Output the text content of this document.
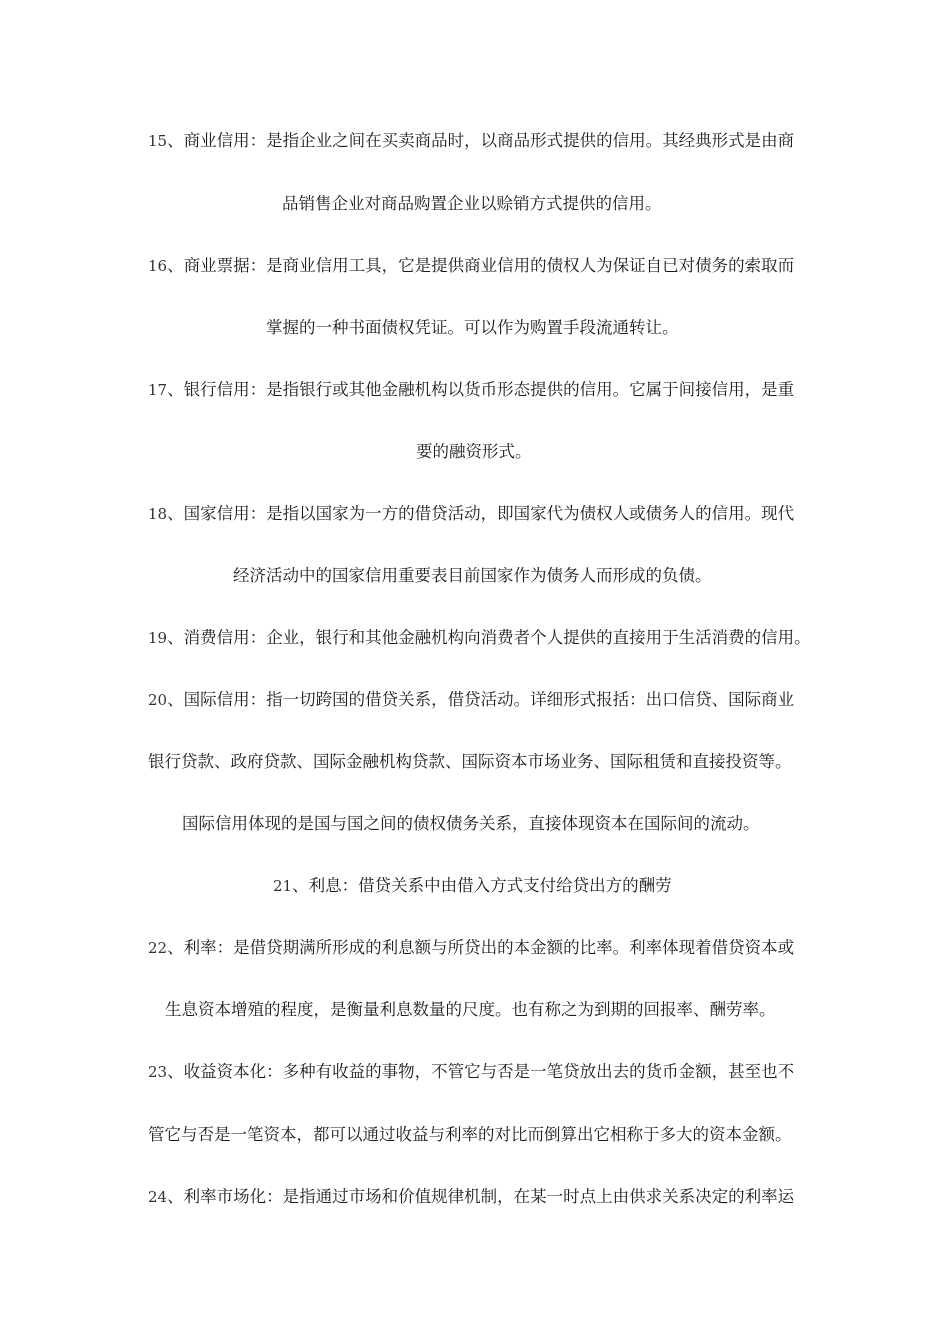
15、商业信用：是指企业之间在买卖商品时，以商品形式提供的信用。其经典形式是由商
品销售企业对商品购置企业以赊销方式提供的信用。
16、商业票据：是商业信用工具，它是提供商业信用的债权人为保证自已对债务的索取而
掌握的一种书面债权凭证。可以作为购置手段流通转让。
17、银行信用：是指银行或其他金融机构以货币形态提供的信用。它属于间接信用，是重
要的融资形式。
18、国家信用：是指以国家为一方的借贷活动，即国家代为债权人或债务人的信用。现代
经济活动中的国家信用重要表目前国家作为债务人而形成的负债。
19、消费信用：企业，银行和其他金融机构向消费者个人提供的直接用于生活消费的信用。
20、国际信用：指一切跨国的借贷关系，借贷活动。详细形式报括：出口信贷、国际商业
银行贷款、政府贷款、国际金融机构贷款、国际资本市场业务、国际租赁和直接投资等。
国际信用体现的是国与国之间的债权债务关系，直接体现资本在国际间的流动。
21、利息：借贷关系中由借入方式支付给贷出方的酬劳
22、利率：是借贷期满所形成的利息额与所贷出的本金额的比率。利率体现着借贷资本或
生息资本增殖的程度，是衡量利息数量的尺度。也有称之为到期的回报率、酬劳率。
23、收益资本化：多种有收益的事物，不管它与否是一笔贷放出去的货币金额，甚至也不
管它与否是一笔资本，都可以通过收益与利率的对比而倒算出它相称于多大的资本金额。
24、利率市场化：是指通过市场和价值规律机制，在某一时点上由供求关系决定的利率运
